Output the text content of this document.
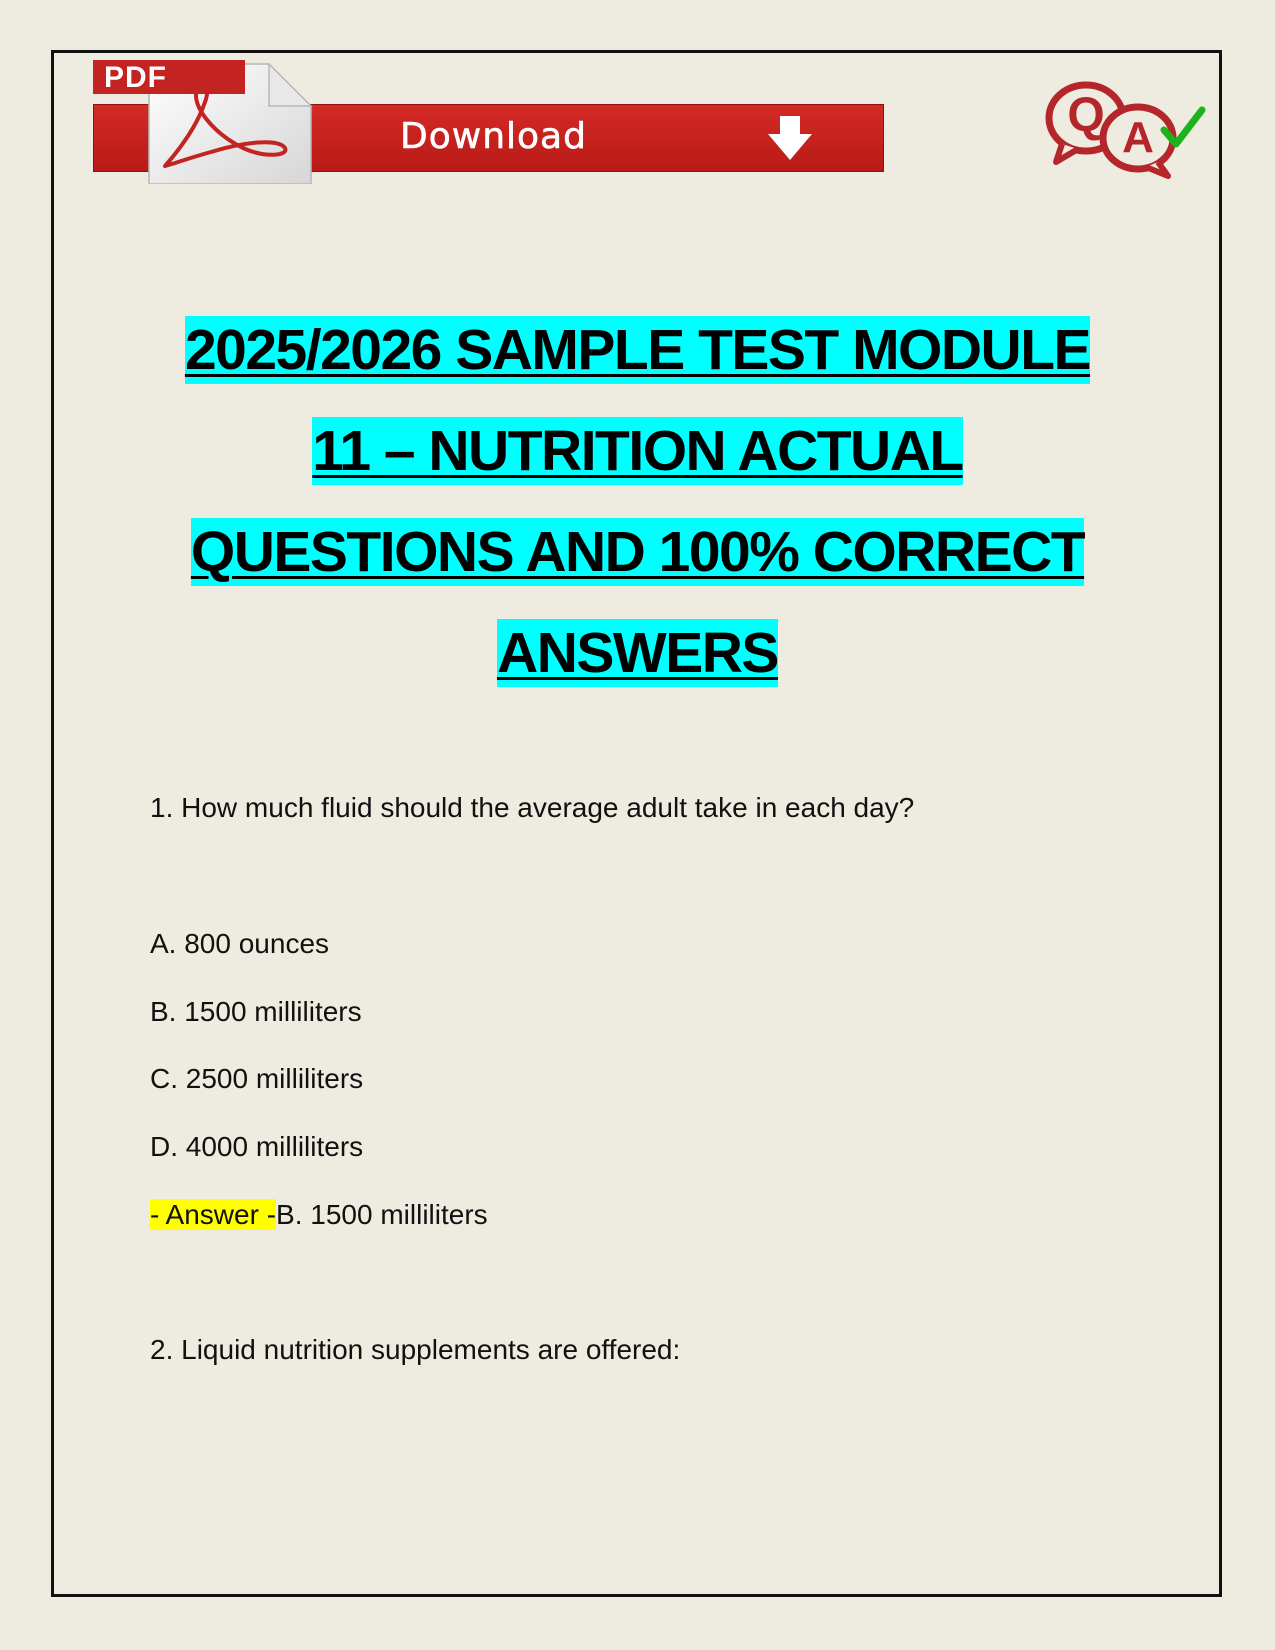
Download
PDF
Q A
2025/2026 SAMPLE TEST MODULE
11 – NUTRITION ACTUAL
QUESTIONS AND 100% CORRECT
ANSWERS
1. How much fluid should the average adult take in each day?
A. 800 ounces
B. 1500 milliliters
C. 2500 milliliters
D. 4000 milliliters
- Answer -B. 1500 milliliters
2. Liquid nutrition supplements are offered:
